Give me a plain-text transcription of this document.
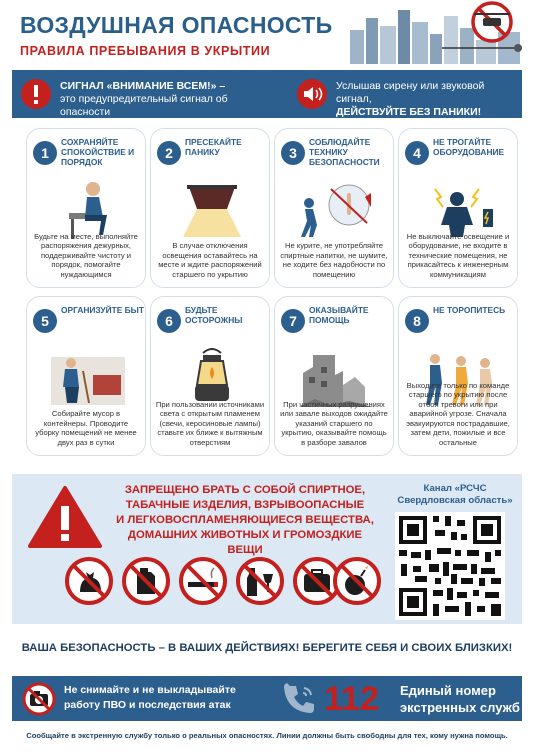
ВОЗДУШНАЯ ОПАСНОСТЬ
ПРАВИЛА ПРЕБЫВАНИЯ В УКРЫТИИ
СИГНАЛ «ВНИМАНИЕ ВСЕМ!» –
это предупредительный сигнал об опасности
Услышав сирену или звуковой сигнал,
ДЕЙСТВУЙТЕ БЕЗ ПАНИКИ!
1
СОХРАНЯЙТЕ СПОКОЙСТВИЕ И ПОРЯДОК
Будьте на месте, выполняйте распоряжения дежурных, поддерживайте чистоту и порядок, помогайте нуждающимся
2
ПРЕСЕКАЙТЕ ПАНИКУ
В случае отключения освещения оставайтесь на месте и ждите распоряжений старшего по укрытию
3
СОБЛЮДАЙТЕ ТЕХНИКУ БЕЗОПАСНОСТИ
Не курите, не употребляйте спиртные напитки, не шумите, не ходите без надобности по помещению
4
НЕ ТРОГАЙТЕ ОБОРУДОВАНИЕ
Не выключайте освещение и оборудование, не входите в технические помещения, не прикасайтесь к инженерным коммуникациям
5
ОРГАНИЗУЙТЕ БЫТ
Собирайте мусор в контейнеры. Проводите уборку помещений не менее двух раз в сутки
6
БУДЬТЕ ОСТОРОЖНЫ
При пользовании источниками света с открытым пламенем (свечи, керосиновые лампы) ставьте их ближе к вытяжным отверстиям
7
ОКАЗЫВАЙТЕ ПОМОЩЬ
При частичных разрушениях или завале выходов ожидайте указаний старшего по укрытию, оказывайте помощь в разборе завалов
8
НЕ ТОРОПИТЕСЬ
Выходите только по команде старшего по укрытию после отбоя тревоги или при аварийной угрозе. Сначала эвакуируются пострадавшие, затем дети, пожилые и все остальные
ЗАПРЕЩЕНО БРАТЬ С СОБОЙ СПИРТНОЕ,
ТАБАЧНЫЕ ИЗДЕЛИЯ, ВЗРЫВООПАСНЫЕ
И ЛЕГКОВОСПЛАМЕНЯЮЩИЕСЯ ВЕЩЕСТВА,
ДОМАШНИХ ЖИВОТНЫХ И ГРОМОЗДКИЕ ВЕЩИ
Канал «РСЧС
Свердловская область»
ВАША БЕЗОПАСНОСТЬ – В ВАШИХ ДЕЙСТВИЯХ! БЕРЕГИТЕ СЕБЯ И СВОИХ БЛИЗКИХ!
Не снимайте и не выкладывайте
работу ПВО и последствия атак	112 Единый номер
экстренных служб
Сообщайте в экстренную службу только о реальных опасностях. Линии должны быть свободны для тех, кому нужна помощь.
